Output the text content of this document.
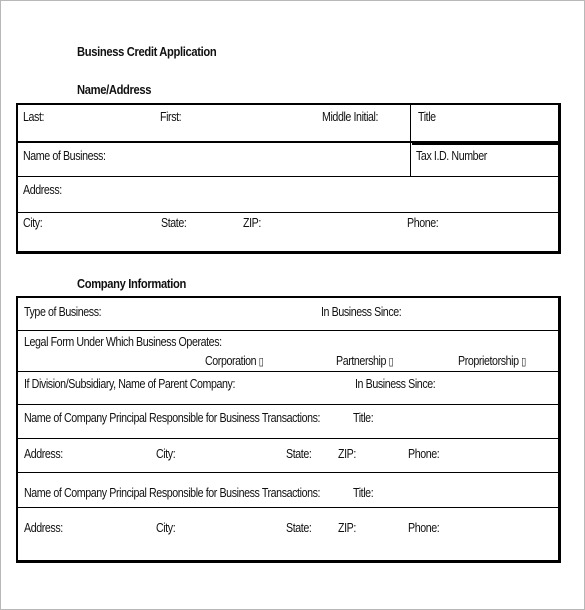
Business Credit Application
Name/Address
Last:	First:	Middle Initial:	Title
Name of Business:	Tax I.D. Number
Address:
City:	State:	ZIP:	Phone:
Company Information
Type of Business:	In Business Since:
Legal Form Under Which Business Operates:
Corporation ▯	Partnership ▯	Proprietorship ▯
If Division/Subsidiary, Name of Parent Company:	In Business Since:
Name of Company Principal Responsible for Business Transactions:	Title:
Address:	City:	State: ZIP:	Phone:
Name of Company Principal Responsible for Business Transactions:	Title:
Address:	City:	State: ZIP:	Phone:
